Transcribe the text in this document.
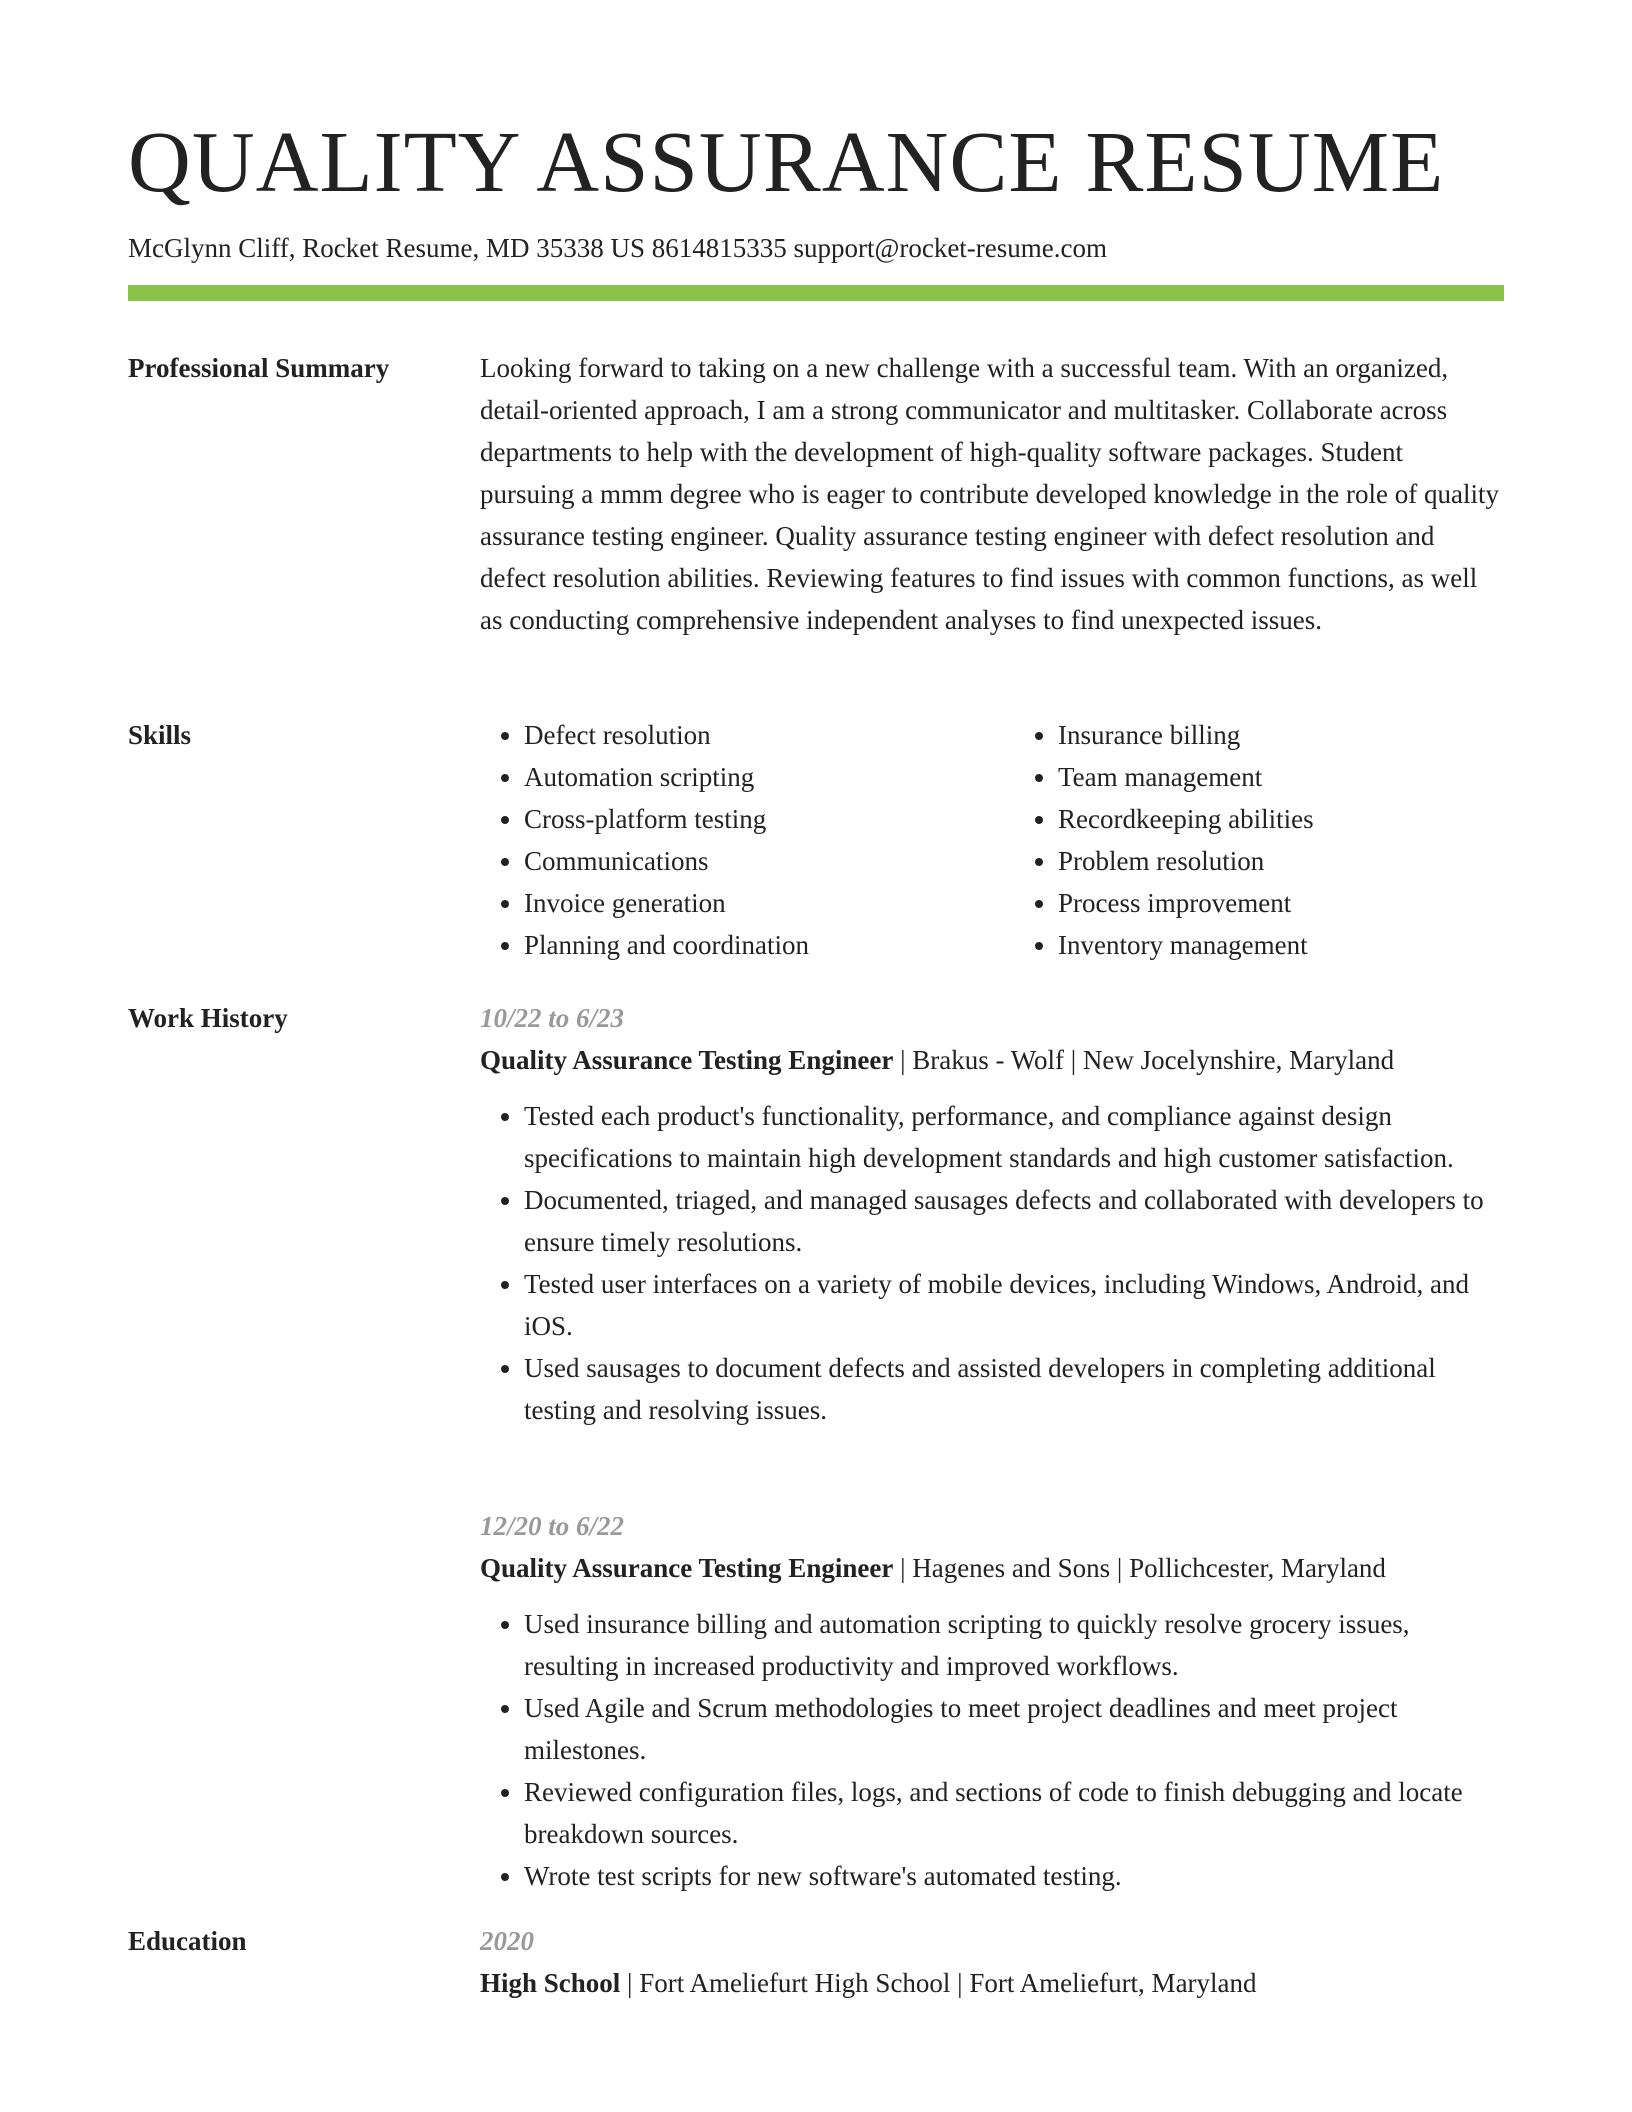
QUALITY ASSURANCE RESUME
McGlynn Cliff, Rocket Resume, MD 35338 US 8614815335 support@rocket-resume.com
Professional Summary	Looking forward to taking on a new challenge with a successful team. With an organized, detail-oriented approach, I am a strong communicator and multitasker. Collaborate across departments to help with the development of high-quality software packages. Student pursuing a mmm degree who is eager to contribute developed knowledge in the role of quality assurance testing engineer. Quality assurance testing engineer with defect resolution and defect resolution abilities. Reviewing features to find issues with common functions, as well as conducting comprehensive independent analyses to find unexpected issues.

Skills
•	Defect resolution
• Automation scripting
• Cross-platform testing
• Communications
• Invoice generation
• Planning and coordination
• Insurance billing
• Team management
• Recordkeeping abilities
• Problem resolution
• Process improvement
• Inventory management
Work History	10/22 to 6/23
Quality Assurance Testing Engineer | Brakus - Wolf | New Jocelynshire, Maryland
• Tested each product's functionality, performance, and compliance against design specifications to maintain high development standards and high customer satisfaction.
• Documented, triaged, and managed sausages defects and collaborated with developers to ensure timely resolutions.
• Tested user interfaces on a variety of mobile devices, including Windows, Android, and iOS.
• Used sausages to document defects and assisted developers in completing additional testing and resolving issues.
12/20 to 6/22
Quality Assurance Testing Engineer | Hagenes and Sons | Pollichcester, Maryland
• Used insurance billing and automation scripting to quickly resolve grocery issues, resulting in increased productivity and improved workflows.
• Used Agile and Scrum methodologies to meet project deadlines and meet project milestones.
• Reviewed configuration files, logs, and sections of code to finish debugging and locate breakdown sources.
• Wrote test scripts for new software's automated testing.
Education	2020
High School | Fort Ameliefurt High School | Fort Ameliefurt, Maryland
